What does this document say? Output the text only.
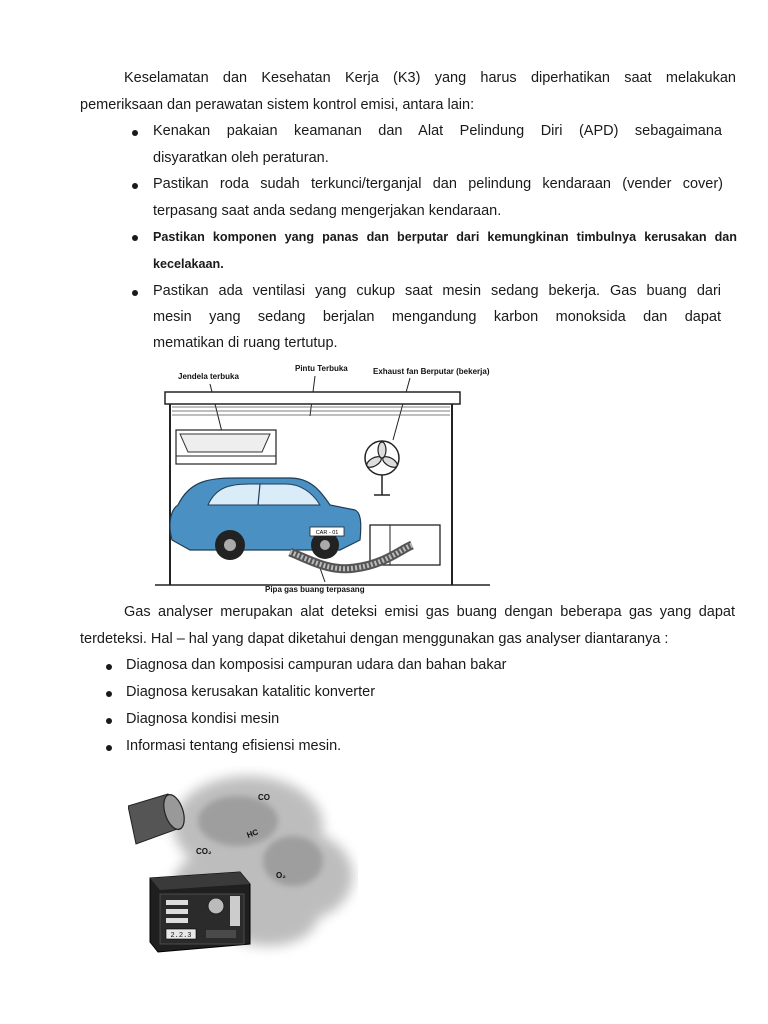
Keselamatan dan Kesehatan Kerja (K3) yang harus diperhatikan saat melakukan
pemeriksaan dan perawatan sistem kontrol emisi, antara lain:
Kenakan pakaian keamanan dan Alat Pelindung Diri (APD) sebagaimana
disyaratkan oleh peraturan.
Pastikan roda sudah terkunci/terganjal dan pelindung kendaraan (vender cover)
terpasang saat anda sedang mengerjakan kendaraan.
Pastikan komponen yang panas dan berputar dari kemungkinan timbulnya kerusakan dan
kecelakaan.
Pastikan ada ventilasi yang cukup saat mesin sedang bekerja. Gas buang dari
mesin yang sedang berjalan mengandung karbon monoksida dan dapat
mematikan di ruang tertutup.
Jendela terbuka
Pintu Terbuka	Exhaust fan Berputar (bekerja)
Pipa gas buang terpasang
CAR - 01
Gas analyser merupakan alat deteksi emisi gas buang dengan beberapa gas yang dapat
terdeteksi. Hal – hal yang dapat diketahui dengan menggunakan gas analyser diantaranya :
Diagnosa dan komposisi campuran udara dan bahan bakar
Diagnosa kerusakan katalitic konverter
Diagnosa kondisi mesin
Informasi tentang efisiensi mesin.
CO
HC
CO₂
O₂
2.2.3
